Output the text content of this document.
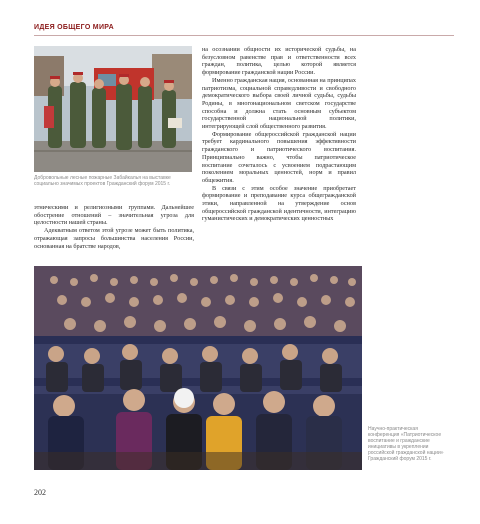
ИДЕЯ ОБЩЕГО МИРА
Добровольные лесные пожарные Забайкалья на выставке социально значимых проектов Гражданский форум 2015 г.

этническими и религиозными группами. Дальнейшее обострение отношений – значительная угроза для целостности нашей страны.

Адекватным ответом этой угрозе может быть политика, отражающая запросы большинства населения России, основанная на братстве народов,

на осознании общности их исторической судьбы, на безусловном равенстве прав и ответственности всех граждан, политика, целью которой является формирование гражданской нации России.

Именно гражданская нация, основанная на принципах патриотизма, социальной справедливости и свободного демократического выбора своей личной судьбы, судьбы Родины, в многонациональном светском государстве способна и должна стать основным субъектом государственной национальной политики, интегрирующей слой общественного развития.

Формирование общероссийской гражданской нации требует кардинального повышения эффективности гражданского и патриотического воспитания. Принципиально важно, чтобы патриотическое воспитание сочеталось с усвоением подрастающим поколением моральных ценностей, норм и правил общежития.

В связи с этим особое значение приобретает формирование и преподавание курса общегражданской этики, направленной на утверждение основ общероссийской гражданской идентичности, интеграцию гуманистических и демократических ценностных

Научно-практическая конференция «Патриотическое воспитание и гражданские инициативы в укреплении российской гражданской нации» Гражданский форум 2015 г.
202
